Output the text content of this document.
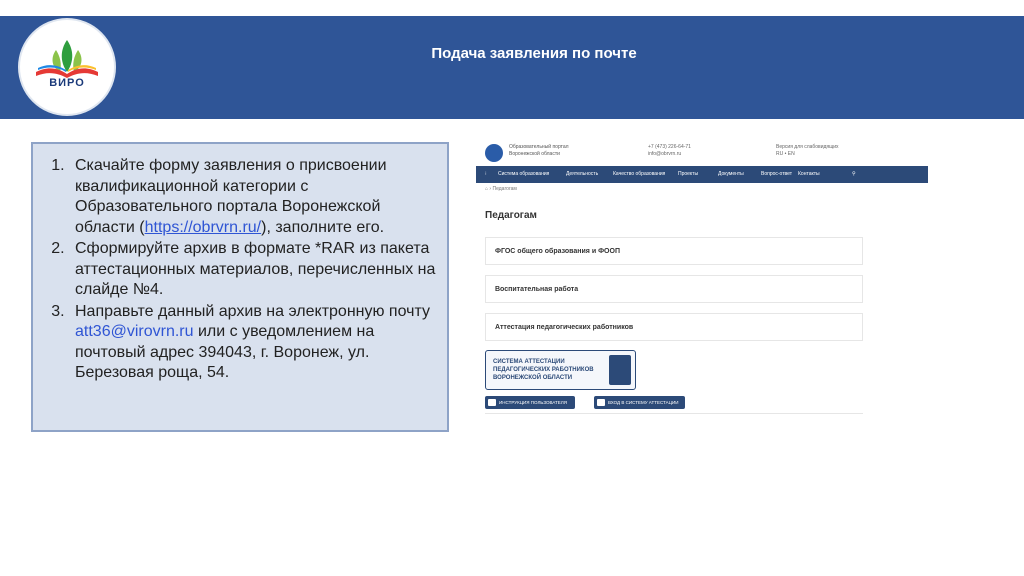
Подача заявления по почте
ВИРО
1. Скачайте форму заявления о присвоении квалификационной категории с Образовательного портала Воронежской области (https://obrvrn.ru/), заполните его.
2. Сформируйте архив в формате *RAR из пакета аттестационных материалов, перечисленных на слайде №4.
3. Направьте данный архив на электронную почту att36@virovrn.ru или с уведомлением на почтовый адрес 394043, г. Воронеж, ул. Березовая роща, 54.
Образовательный портал
Воронежской области
+7 (473) 226-64-71
info@obrvrn.ru
Версия для слабовидящих
RU • EN
⁝ Система образования	Деятельность	Качество образования	Проекты	Документы	Вопрос-ответ Контакты	⚲
⌂ › Педагогам
Педагогам
ФГОС общего образования и ФООП
Воспитательная работа
Аттестация педагогических работников
СИСТЕМА АТТЕСТАЦИИ
ПЕДАГОГИЧЕСКИХ РАБОТНИКОВ
ВОРОНЕЖСКОЙ ОБЛАСТИ
ИНСТРУКЦИЯ ПОЛЬЗОВАТЕЛЯ	ВХОД В СИСТЕМУ АТТЕСТАЦИИ
